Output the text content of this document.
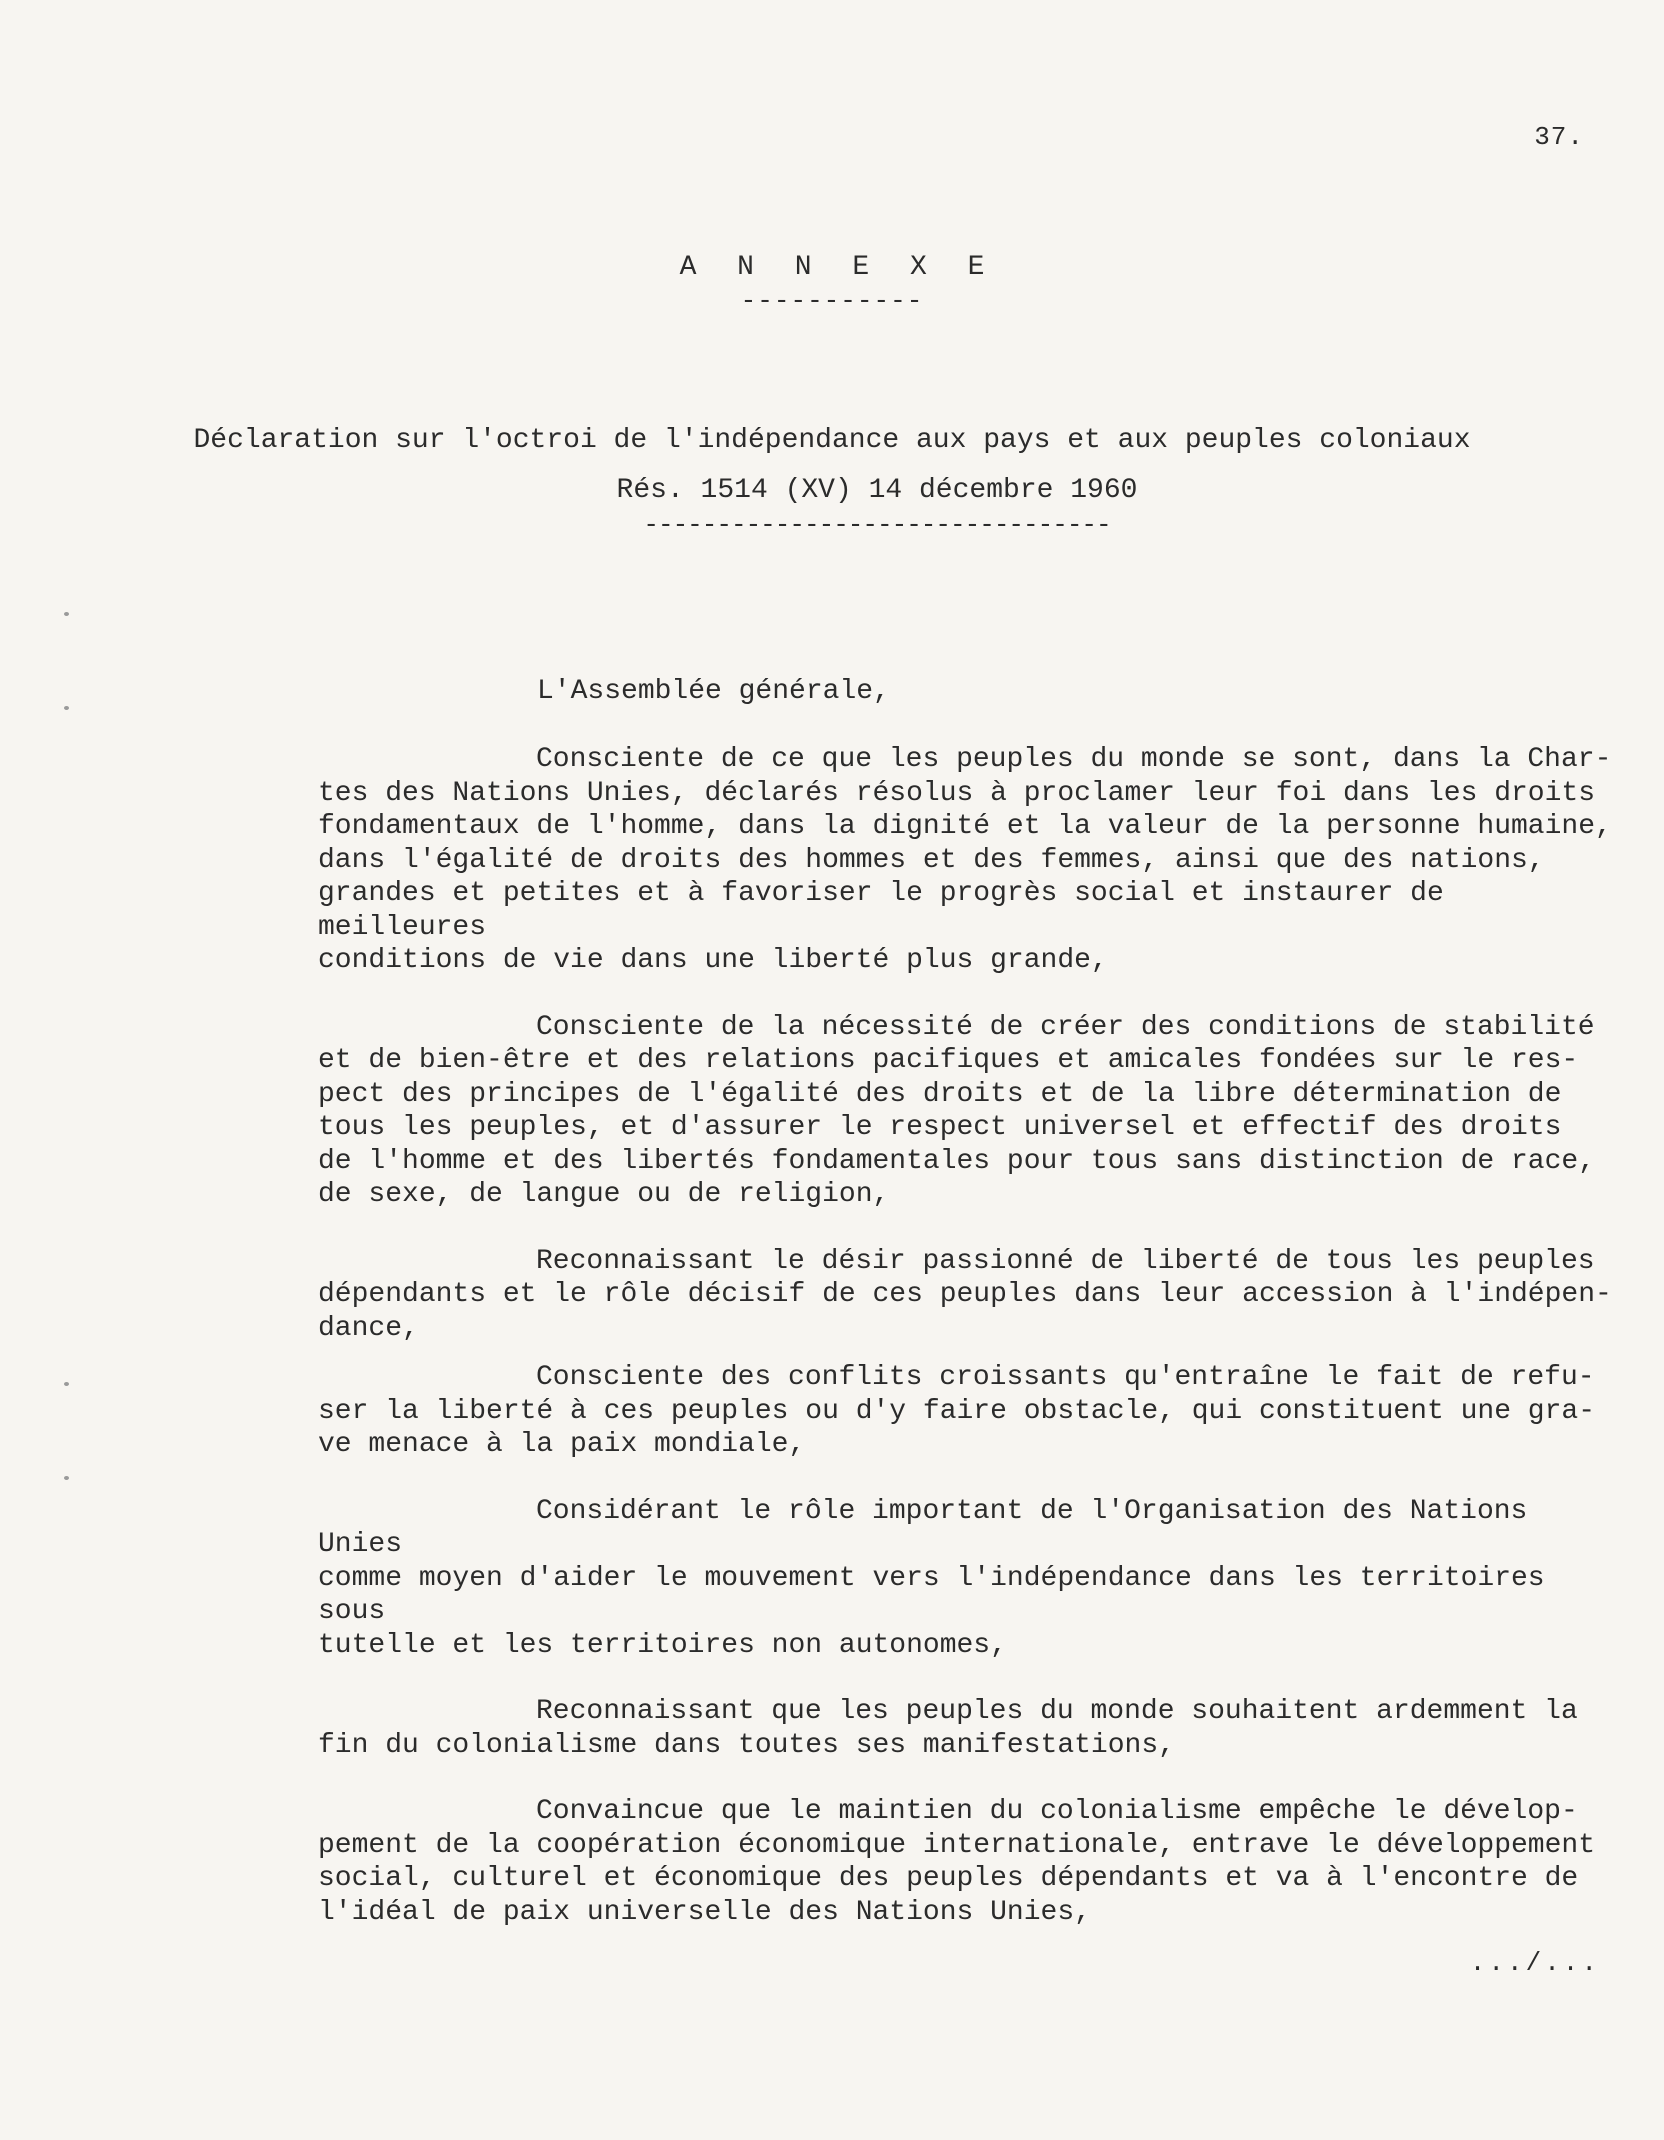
37.
A N N E X E
-----------
Déclaration sur l'octroi de l'indépendance aux pays et aux peuples coloniaux
Rés. 1514 (XV) 14 décembre 1960
--------------------------------
L'Assemblée générale,

Consciente de ce que les peuples du monde se sont, dans la Char-
tes des Nations Unies, déclarés résolus à proclamer leur foi dans les droits
fondamentaux de l'homme, dans la dignité et la valeur de la personne humaine,
dans l'égalité de droits des hommes et des femmes, ainsi que des nations,
grandes et petites et à favoriser le progrès social et instaurer de meilleures
conditions de vie dans une liberté plus grande,

Consciente de la nécessité de créer des conditions de stabilité
et de bien-être et des relations pacifiques et amicales fondées sur le res-
pect des principes de l'égalité des droits et de la libre détermination de
tous les peuples, et d'assurer le respect universel et effectif des droits
de l'homme et des libertés fondamentales pour tous sans distinction de race,
de sexe, de langue ou de religion,

Reconnaissant le désir passionné de liberté de tous les peuples
dépendants et le rôle décisif de ces peuples dans leur accession à l'indépen-
dance,

Consciente des conflits croissants qu'entraîne le fait de refu-
ser la liberté à ces peuples ou d'y faire obstacle, qui constituent une gra-
ve menace à la paix mondiale,

Considérant le rôle important de l'Organisation des Nations Unies
comme moyen d'aider le mouvement vers l'indépendance dans les territoires sous
tutelle et les territoires non autonomes,

Reconnaissant que les peuples du monde souhaitent ardemment la
fin du colonialisme dans toutes ses manifestations,

Convaincue que le maintien du colonialisme empêche le dévelop-
pement de la coopération économique internationale, entrave le développement
social, culturel et économique des peuples dépendants et va à l'encontre de
l'idéal de paix universelle des Nations Unies,

.../...
